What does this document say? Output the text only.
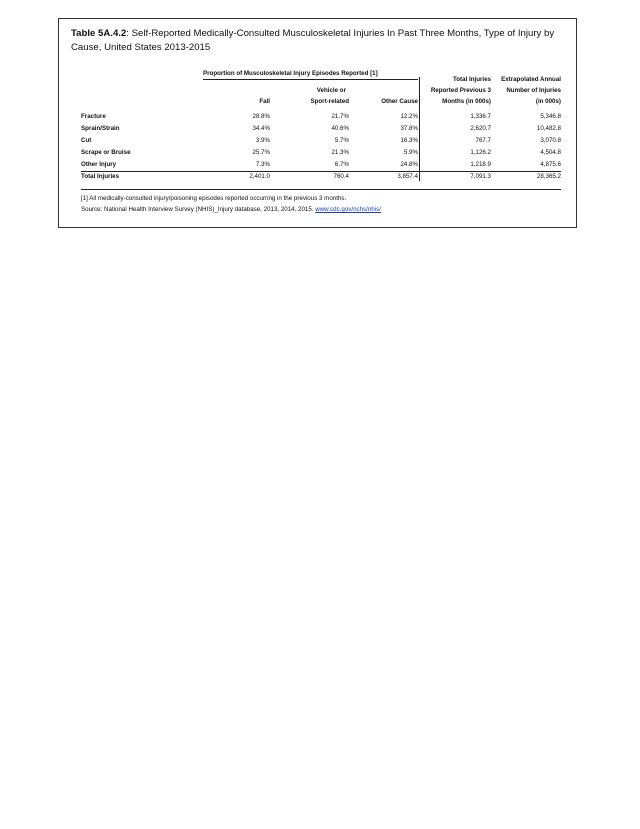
Table 5A.4.2: Self-Reported Medically-Consulted Musculoskeletal Injuries In Past Three Months, Type of Injury by Cause, United States 2013-2015

Proportion of Musculoskeletal Injury Episodes Reported [1]
Fall
Vehicle or
Sport-related	Other Cause
Total Injuries
Reported Previous 3
Months (in 000s)
Extrapolated Annual
Number of Injuries
(in 000s)
Fracture	28.8%	21.7%	12.2%	1,336.7	5,346.8
Sprain/Strain	34.4%	40.6%	37.8%	2,620.7	10,482.8
Cut	3.9%	5.7%	16.3%	767.7	3,070.8
Scrape or Bruise	25.7%	21.3%	5.9%	1,126.2	4,504.8
Other Injury	7.3%	6.7%	24.8%	1,218.9	4,875.6
Total Injuries	2,401.0	760.4	3,857.4	7,091.3	28,365.2
[1] All medically-consulted injury/poisoning episodes reported occurring in the previous 3 months.
Source: National Health Interview Survey (NHIS)_Injury database, 2013, 2014, 2015. www.cdc.gov/nchs/nhis/
